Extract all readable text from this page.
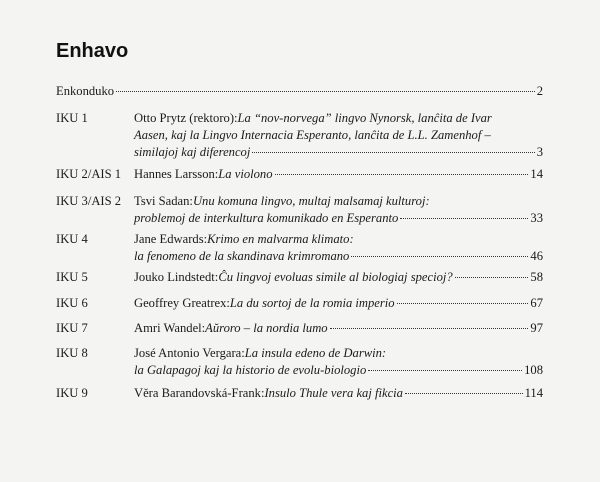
Enhavo
Enkonduko	2
IKU 1	Otto Prytz (rektoro): La “nov-norvega” lingvo Nynorsk, lanĉita de Ivar
Aasen, kaj la Lingvo Internacia Esperanto, lanĉita de L.L. Zamenhof –
similajoj kaj diferencoj	3
IKU 2/AIS 1 Hannes Larsson: La violono	14
IKU 3/AIS 2 Tsvi Sadan: Unu komuna lingvo, multaj malsamaj kulturoj:
problemoj de interkultura komunikado en Esperanto	33
IKU 4	Jane Edwards: Krimo en malvarma klimato:
la fenomeno de la skandinava krimromano	46
IKU 5	Jouko Lindstedt: Ĉu lingvoj evoluas simile al biologiaj specioj?	58
IKU 6	Geoffrey Greatrex: La du sortoj de la romia imperio	67
IKU 7	Amri Wandel: Aŭroro – la nordia lumo	97
IKU 8	José Antonio Vergara: La insula edeno de Darwin:
la Galapagoj kaj la historio de evolu-biologio	108
IKU 9	Věra Barandovská-Frank: Insulo Thule vera kaj fikcia	114
